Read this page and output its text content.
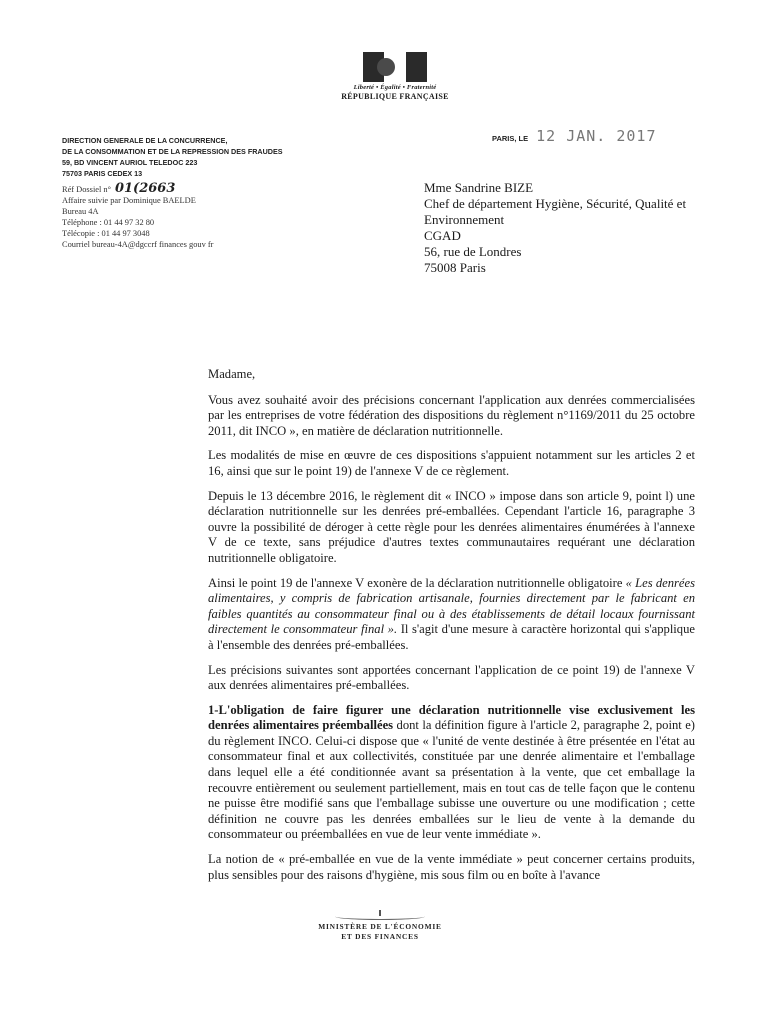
Liberté • Égalité • Fraternité
RÉPUBLIQUE FRANÇAISE
DIRECTION GENERALE DE LA CONCURRENCE,
DE LA CONSOMMATION ET DE LA REPRESSION DES FRAUDES
59, BD VINCENT AURIOL TELEDOC 223
75703 PARIS CEDEX 13
Réf Dossiel n° 01(2663
Affaire suivie par Dominique BAELDE
Bureau 4A
Téléphone : 01 44 97 32 80
Télécopie : 01 44 97 3048
Courriel bureau-4A@dgccrf finances gouv fr
PARIS, LE 12 JAN. 2017
Mme Sandrine BIZE
Chef de département Hygiène, Sécurité, Qualité et
Environnement
CGAD
56, rue de Londres
75008 Paris

Madame,

Vous avez souhaité avoir des précisions concernant l'application aux denrées commercialisées par les entreprises de votre fédération des dispositions du règlement n°1169/2011 du 25 octobre 2011, dit INCO », en matière de déclaration nutritionnelle.

Les modalités de mise en œuvre de ces dispositions s'appuient notamment sur les articles 2 et 16, ainsi que sur le point 19) de l'annexe V de ce règlement.

Depuis le 13 décembre 2016, le règlement dit « INCO » impose dans son article 9, point l) une déclaration nutritionnelle sur les denrées pré-emballées. Cependant l'article 16, paragraphe 3 ouvre la possibilité de déroger à cette règle pour les denrées alimentaires énumérées à l'annexe V de ce texte, sans préjudice d'autres textes communautaires requérant une déclaration nutritionnelle obligatoire.

Ainsi le point 19 de l'annexe V exonère de la déclaration nutritionnelle obligatoire « Les denrées alimentaires, y compris de fabrication artisanale, fournies directement par le fabricant en faibles quantités au consommateur final ou à des établissements de détail locaux fournissant directement le consommateur final ». Il s'agit d'une mesure à caractère horizontal qui s'applique à l'ensemble des denrées pré-emballées.

Les précisions suivantes sont apportées concernant l'application de ce point 19) de l'annexe V aux denrées alimentaires pré-emballées.

1-L'obligation de faire figurer une déclaration nutritionnelle vise exclusivement les denrées alimentaires préemballées dont la définition figure à l'article 2, paragraphe 2, point e) du règlement INCO. Celui-ci dispose que « l'unité de vente destinée à être présentée en l'état au consommateur final et aux collectivités, constituée par une denrée alimentaire et l'emballage dans lequel elle a été conditionnée avant sa présentation à la vente, que cet emballage la recouvre entièrement ou seulement partiellement, mais en tout cas de telle façon que le contenu ne puisse être modifié sans que l'emballage subisse une ouverture ou une modification ; cette définition ne couvre pas les denrées emballées sur le lieu de vente à la demande du consommateur ou préemballées en vue de leur vente immédiate ».

La notion de « pré-emballée en vue de la vente immédiate » peut concerner certains produits, plus sensibles pour des raisons d'hygiène, mis sous film ou en boîte à l'avance

MINISTÈRE DE L'ÉCONOMIE
ET DES FINANCES
